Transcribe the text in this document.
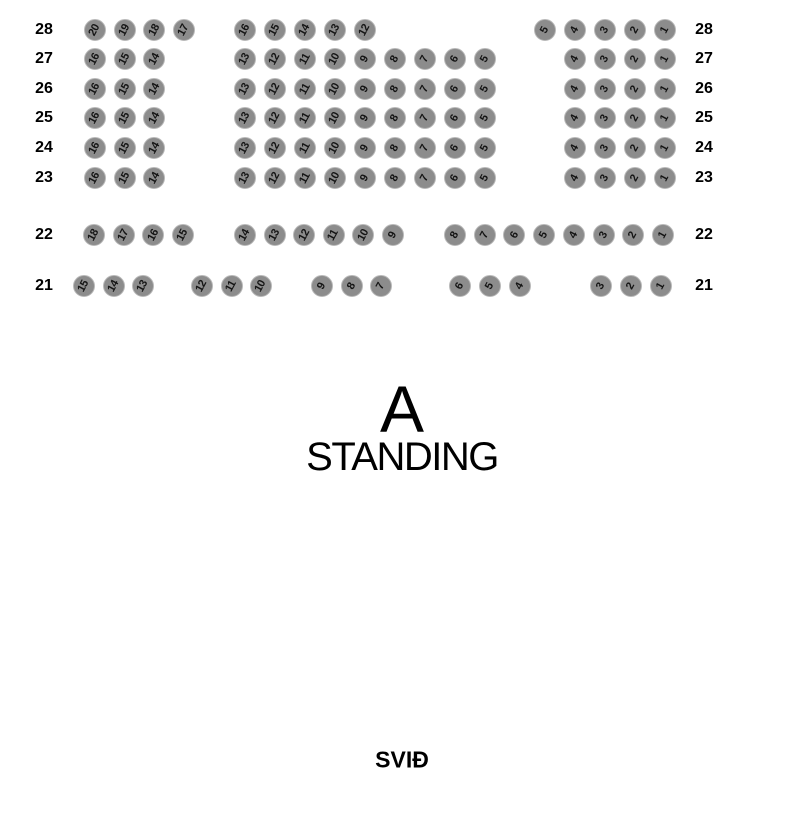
A
STANDING
SVIÐ
28	28
20 19 18 17	16 15 14 13 12	5 4 3 2 1
27	27
16 15 14	13 12 11 10 9 8 7 6 5	4 3 2 1
26	26
16 15 14	13 12 11 10 9 8 7 6 5	4 3 2 1
25	25
16 15 14	13 12 11 10 9 8 7 6 5	4 3 2 1
24	24
16 15 14	13 12 11 10 9 8 7 6 5	4 3 2 1
23	23
16 15 14	13 12 11 10 9 8 7 6 5	4 3 2 1
22	22
18 17 16 15	14 13 12 11 10 9	8 7 6 5 4 3 2 1
21	21
15 14 13	12 11 10	9 8 7	6 5 4	3 2 1
